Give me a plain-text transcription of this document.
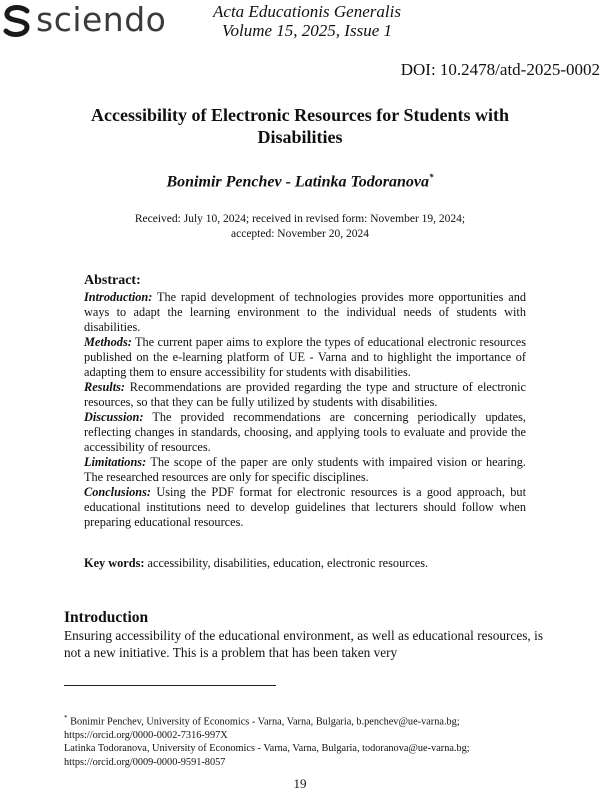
sciendo	Acta Educationis Generalis
Volume 15, 2025, Issue 1
DOI: 10.2478/atd-2025-0002
Accessibility of Electronic Resources for Students with
Disabilities
Bonimir Penchev - Latinka Todoranova*
Received: July 10, 2024; received in revised form: November 19, 2024;
accepted: November 20, 2024
Abstract:

Introduction: The rapid development of technologies provides more opportunities and ways to adapt the learning environment to the individual needs of students with disabilities.

Methods: The current paper aims to explore the types of educational electronic resources published on the e-learning platform of UE - Varna and to highlight the importance of adapting them to ensure accessibility for students with disabilities.

Results: Recommendations are provided regarding the type and structure of electronic resources, so that they can be fully utilized by students with disabilities.

Discussion: The provided recommendations are concerning periodically updates, reflecting changes in standards, choosing, and applying tools to evaluate and provide the accessibility of resources.

Limitations: The scope of the paper are only students with impaired vision or hearing. The researched resources are only for specific disciplines.

Conclusions: Using the PDF format for electronic resources is a good approach, but educational institutions need to develop guidelines that lecturers should follow when preparing educational resources.

Key words: accessibility, disabilities, education, electronic resources.
Introduction
Ensuring accessibility of the educational environment, as well as educational resources, is not a new initiative. This is a problem that has been taken very
* Bonimir Penchev, University of Economics - Varna, Varna, Bulgaria, b.penchev@ue-varna.bg;
https://orcid.org/0000-0002-7316-997X
Latinka Todoranova, University of Economics - Varna, Varna, Bulgaria, todoranova@ue-varna.bg;
https://orcid.org/0009-0000-9591-8057
19
